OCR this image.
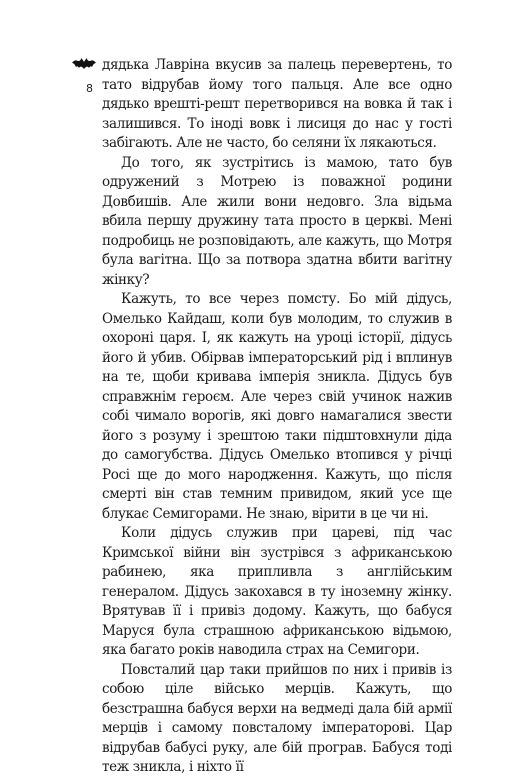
8

дядька Лавріна вкусив за палець перевертень, то тато відрубав йому того пальця. Але все одно дядько врешті-решт перетворився на вовка й так і залишився. То іноді вовк і лисиця до нас у гості забігають. Але не часто, бо селяни їх лякаються.

До того, як зустрітись із мамою, тато був одружений з Мотрею із поважної родини Довбишів. Але жили вони недовго. Зла відьма вбила першу дружину тата просто в церкві. Мені подробиць не розповідають, але кажуть, що Мотря була вагітна. Що за потвора здатна вбити вагітну жінку?

Кажуть, то все через помсту. Бо мій дідусь, Омелько Кайдаш, коли був молодим, то служив в охороні царя. І, як кажуть на уроці історії, дідусь його й убив. Обірвав імператорський рід і вплинув на те, щоби кривава імперія зникла. Дідусь був справжнім героєм. Але через свій учинок нажив собі чимало ворогів, які довго намагалися звести його з розуму і зрештою таки підштовхнули діда до самогубства. Дідусь Омелько втопився у річці Росі ще до мого народження. Кажуть, що після смерті він став темним привидом, який усе ще блукає Семигорами. Не знаю, вірити в це чи ні.

Коли дідусь служив при цареві, під час Кримської війни він зустрівся з африканською рабинею, яка припливла з англійським генералом. Дідусь закохався в ту іноземну жінку. Врятував її і привіз додому. Кажуть, що бабуся Маруся була страшною африканською відьмою, яка багато років наводила страх на Семигори.

Повсталий цар таки прийшов по них і привів із собою ціле військо мерців. Кажуть, що безстрашна бабуся верхи на ведмеді дала бій армії мерців і самому повсталому імператорові. Цар відрубав бабусі руку, але бій програв. Бабуся тоді теж зникла, і ніхто її
